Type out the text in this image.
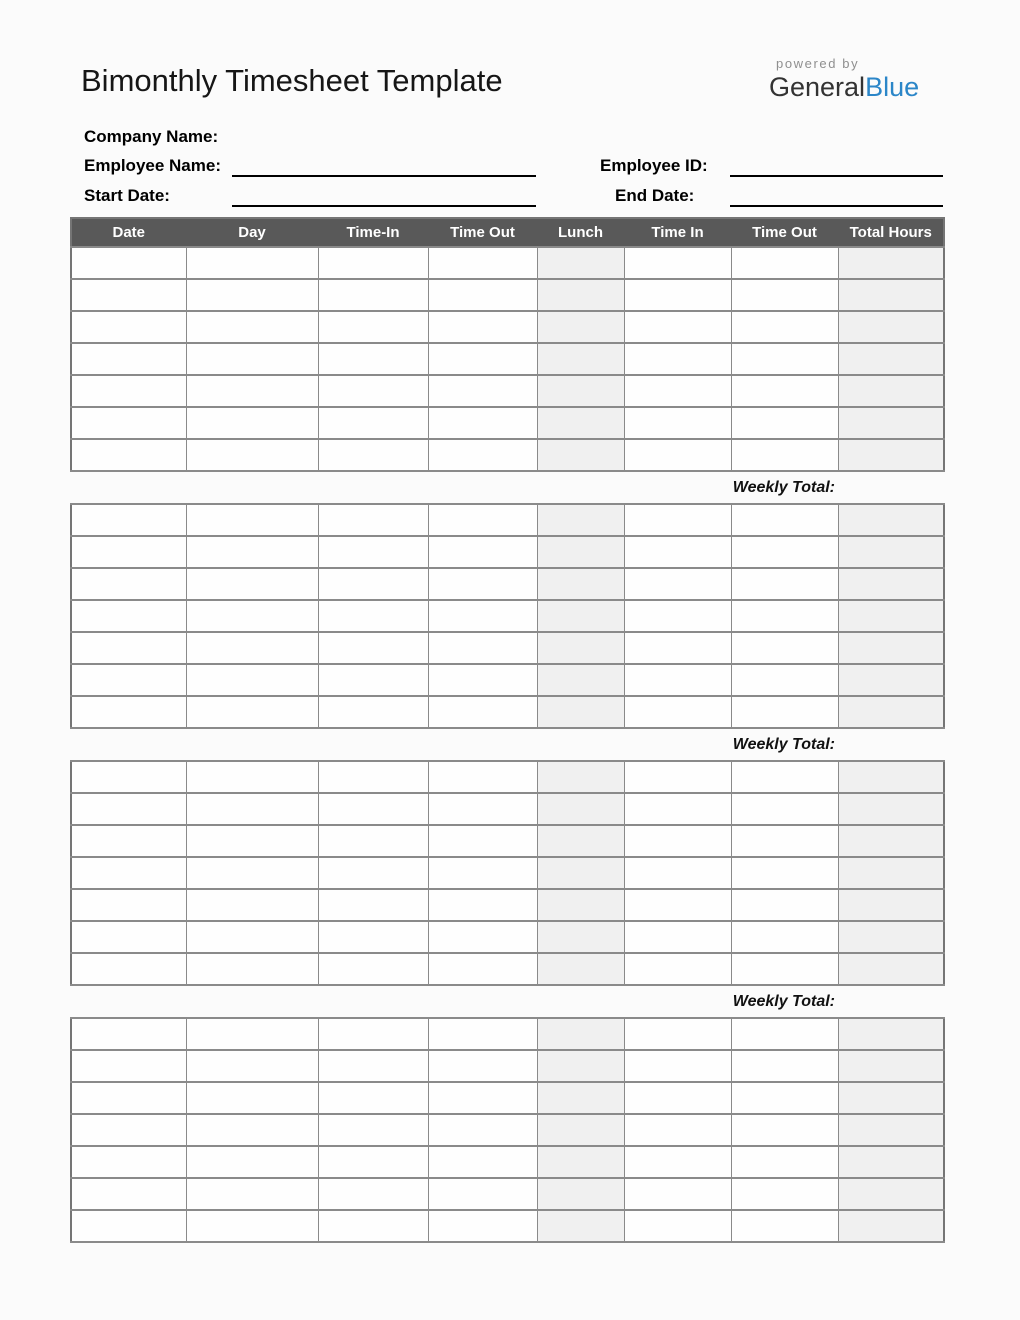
Bimonthly Timesheet Template	powered by
GeneralBlue
Company Name:
Employee Name:
Start Date:
Employee ID:
End Date:
Date	Day	Time-In	Time Out	Lunch	Time In	Time Out	Total Hours

Weekly Total:

Weekly Total:

Weekly Total:
